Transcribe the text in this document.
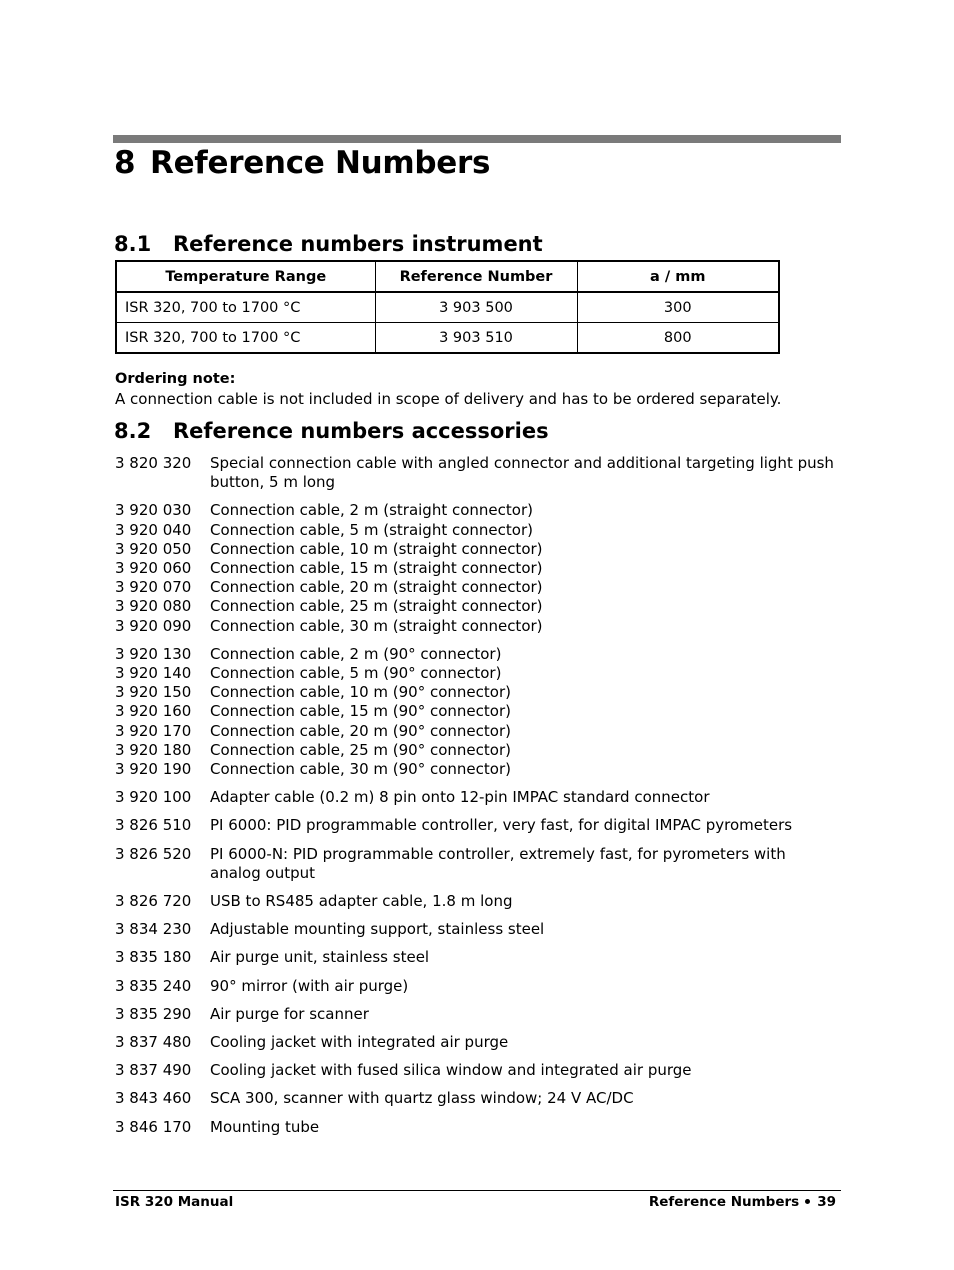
8 Reference Numbers
8.1 Reference numbers instrument
Temperature Range	Reference Number	a / mm
ISR 320, 700 to 1700 °C	3 903 500	300
ISR 320, 700 to 1700 °C	3 903 510	800
Ordering note:
A connection cable is not included in scope of delivery and has to be ordered separately.
8.2 Reference numbers accessories
3 820 320	Special connection cable with angled connector and additional targeting light push button, 5 m long
3 920 030	Connection cable, 2 m (straight connector)
3 920 040	Connection cable, 5 m (straight connector)
3 920 050	Connection cable, 10 m (straight connector)
3 920 060	Connection cable, 15 m (straight connector)
3 920 070	Connection cable, 20 m (straight connector)
3 920 080	Connection cable, 25 m (straight connector)
3 920 090	Connection cable, 30 m (straight connector)
3 920 130	Connection cable, 2 m (90° connector)
3 920 140	Connection cable, 5 m (90° connector)
3 920 150	Connection cable, 10 m (90° connector)
3 920 160	Connection cable, 15 m (90° connector)
3 920 170	Connection cable, 20 m (90° connector)
3 920 180	Connection cable, 25 m (90° connector)
3 920 190	Connection cable, 30 m (90° connector)
3 920 100	Adapter cable (0.2 m) 8 pin onto 12-pin IMPAC standard connector
3 826 510	PI 6000: PID programmable controller, very fast, for digital IMPAC pyrometers
3 826 520	PI 6000-N: PID programmable controller, extremely fast, for pyrometers with analog output
3 826 720	USB to RS485 adapter cable, 1.8 m long
3 834 230	Adjustable mounting support, stainless steel
3 835 180	Air purge unit, stainless steel
3 835 240	90° mirror (with air purge)
3 835 290	Air purge for scanner
3 837 480	Cooling jacket with integrated air purge
3 837 490	Cooling jacket with fused silica window and integrated air purge
3 843 460	SCA 300, scanner with quartz glass window; 24 V AC/DC
3 846 170	Mounting tube
ISR 320 Manual	Reference Numbers 39
